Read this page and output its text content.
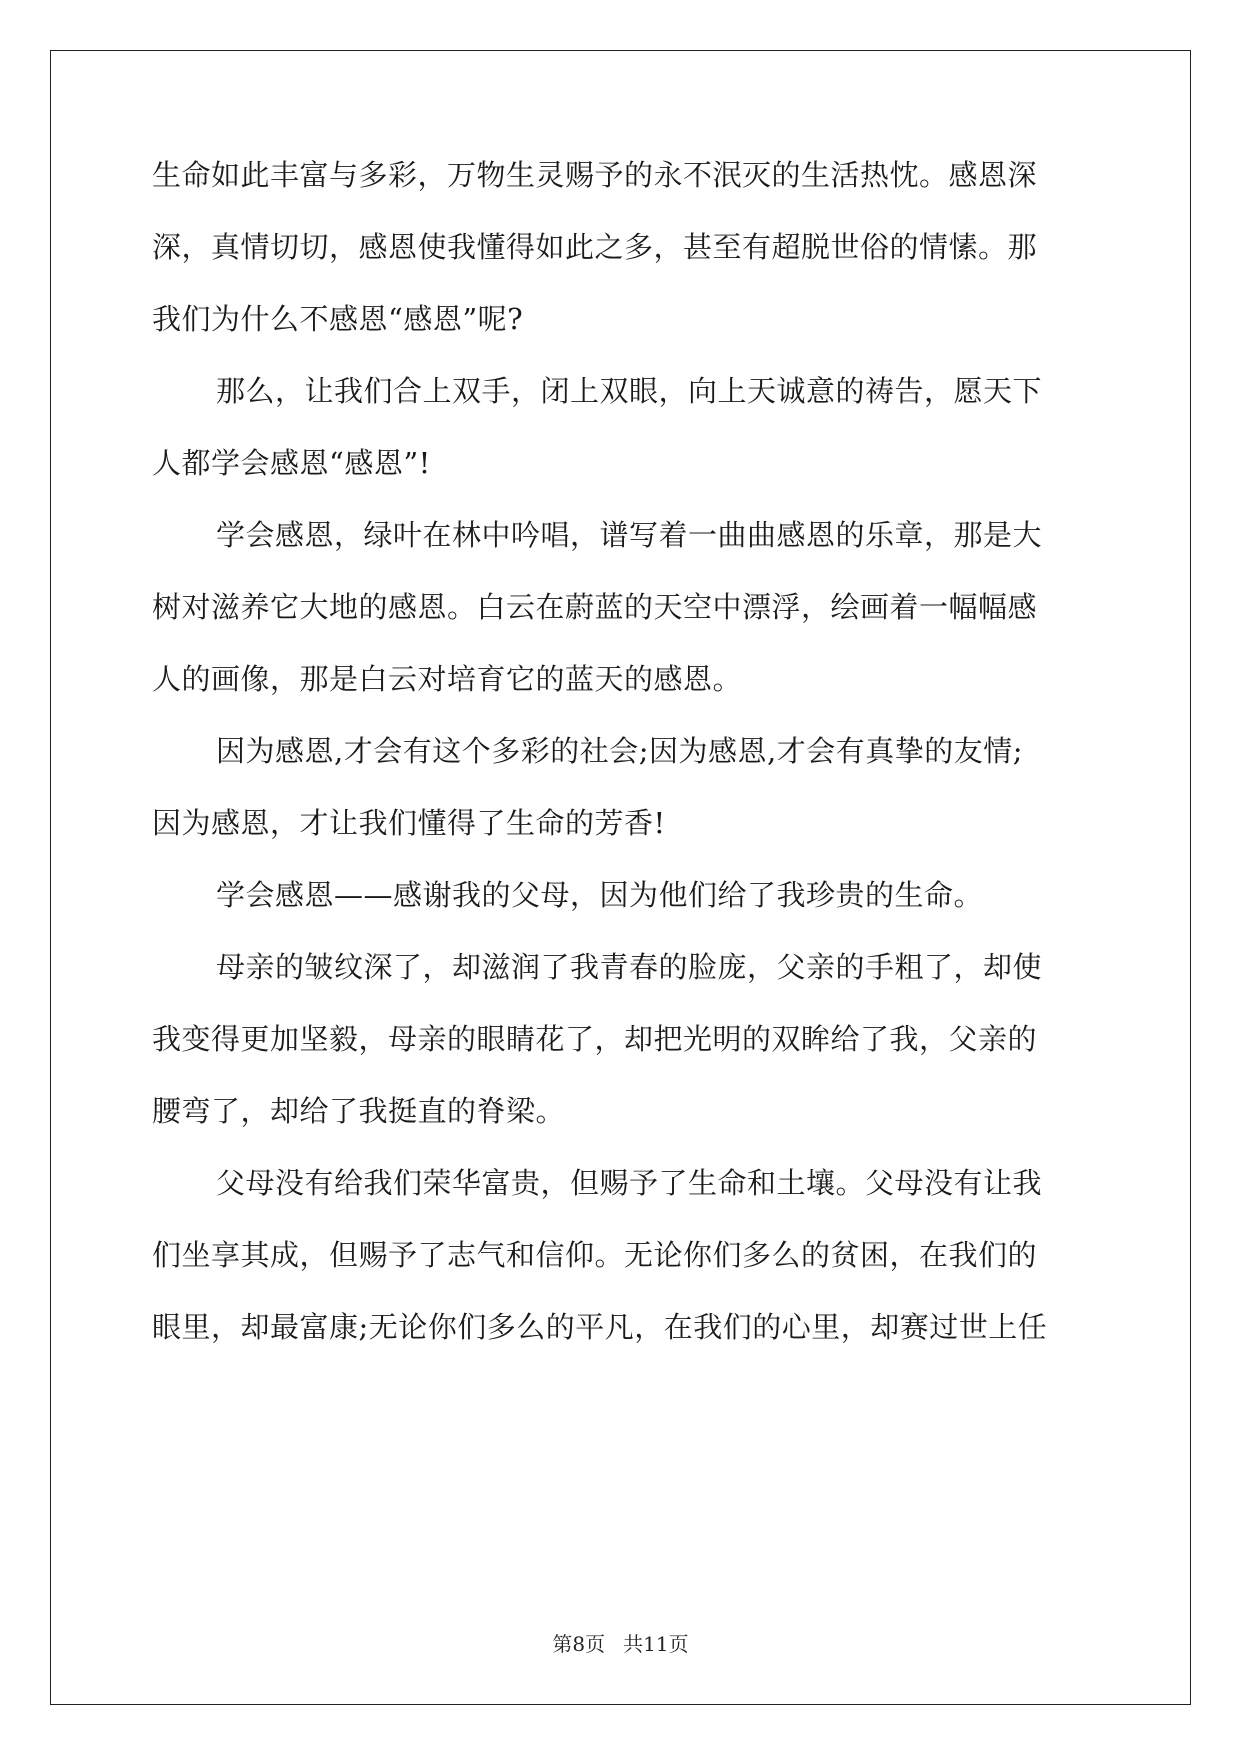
生命如此丰富与多彩，万物生灵赐予的永不泯灭的生活热忱。感恩深
深，真情切切，感恩使我懂得如此之多，甚至有超脱世俗的情愫。那
我们为什么不感恩“感恩”呢?
那么，让我们合上双手，闭上双眼，向上天诚意的祷告，愿天下
人都学会感恩“感恩”!
学会感恩，绿叶在林中吟唱，谱写着一曲曲感恩的乐章，那是大
树对滋养它大地的感恩。白云在蔚蓝的天空中漂浮，绘画着一幅幅感
人的画像，那是白云对培育它的蓝天的感恩。
因为感恩,才会有这个多彩的社会;因为感恩,才会有真挚的友情;
因为感恩，才让我们懂得了生命的芳香!
学会感恩——感谢我的父母，因为他们给了我珍贵的生命。
母亲的皱纹深了，却滋润了我青春的脸庞，父亲的手粗了，却使
我变得更加坚毅，母亲的眼睛花了，却把光明的双眸给了我，父亲的
腰弯了，却给了我挺直的脊梁。
父母没有给我们荣华富贵，但赐予了生命和土壤。父母没有让我
们坐享其成，但赐予了志气和信仰。无论你们多么的贫困，在我们的
眼里，却最富康;无论你们多么的平凡，在我们的心里，却赛过世上任
第8页 共11页
